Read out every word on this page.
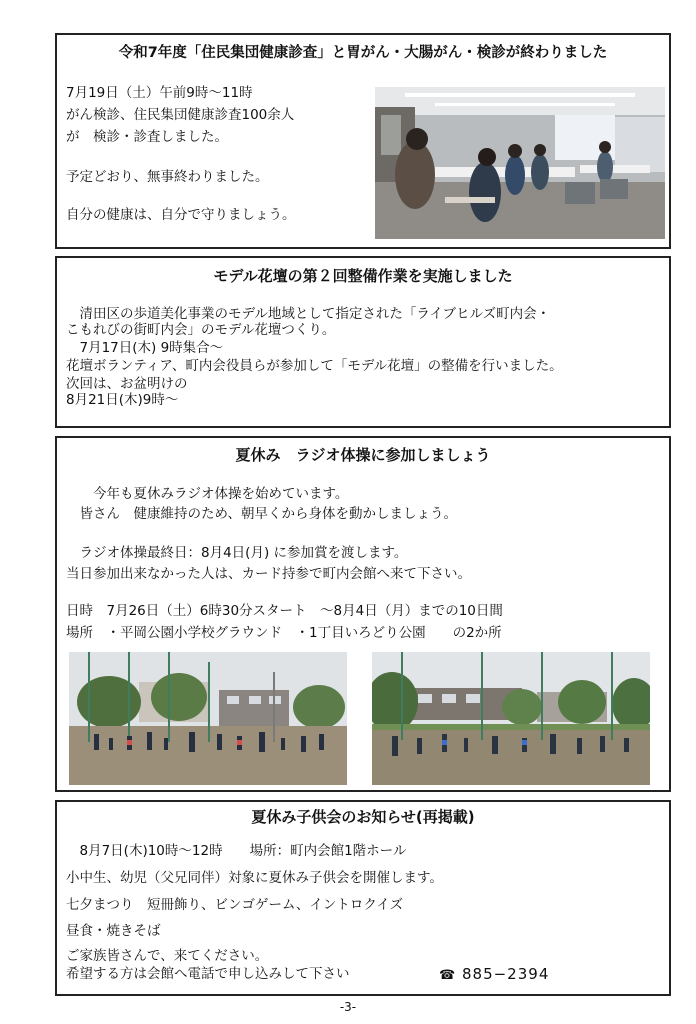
令和7年度「住民集団健康診査」と胃がん・大腸がん・検診が終わりました
7月19日（土）午前9時～11時
がん検診、住民集団健康診査100余人
が　検診・診査しました。
予定どおり、無事終わりました。
自分の健康は、自分で守りましょう。
モデル花壇の第２回整備作業を実施しました
　清田区の歩道美化事業のモデル地域として指定された「ライブヒルズ町内会・
こもれびの街町内会」のモデル花壇つくり。
　7月17日(木) 9時集合～
花壇ボランティア、町内会役員らが参加して「モデル花壇」の整備を行いました。
次回は、お盆明けの
8月21日(木)9時～
夏休み　ラジオ体操に参加しましょう
　　今年も夏休みラジオ体操を始めています。
　皆さん　健康維持のため、朝早くから身体を動かしましょう。
　ラジオ体操最終日：8月4日(月) に参加賞を渡します。
当日参加出来なかった人は、カード持参で町内会館へ来て下さい。
日時　7月26日（土）6時30分スタート　～8月4日（月）までの10日間
場所　・平岡公園小学校グラウンド　・1丁目いろどり公園　　の2か所
夏休み子供会のお知らせ(再掲載)
　8月7日(木)10時～12時　　場所：町内会館1階ホール
小中生、幼児（父兄同伴）対象に夏休み子供会を開催します。
七夕まつり　短冊飾り、ビンゴゲーム、イントロクイズ
昼食・焼きそば
ご家族皆さんで、来てください。
希望する方は会館へ電話で申し込みして下さい	☎ 885−2394
-3-
